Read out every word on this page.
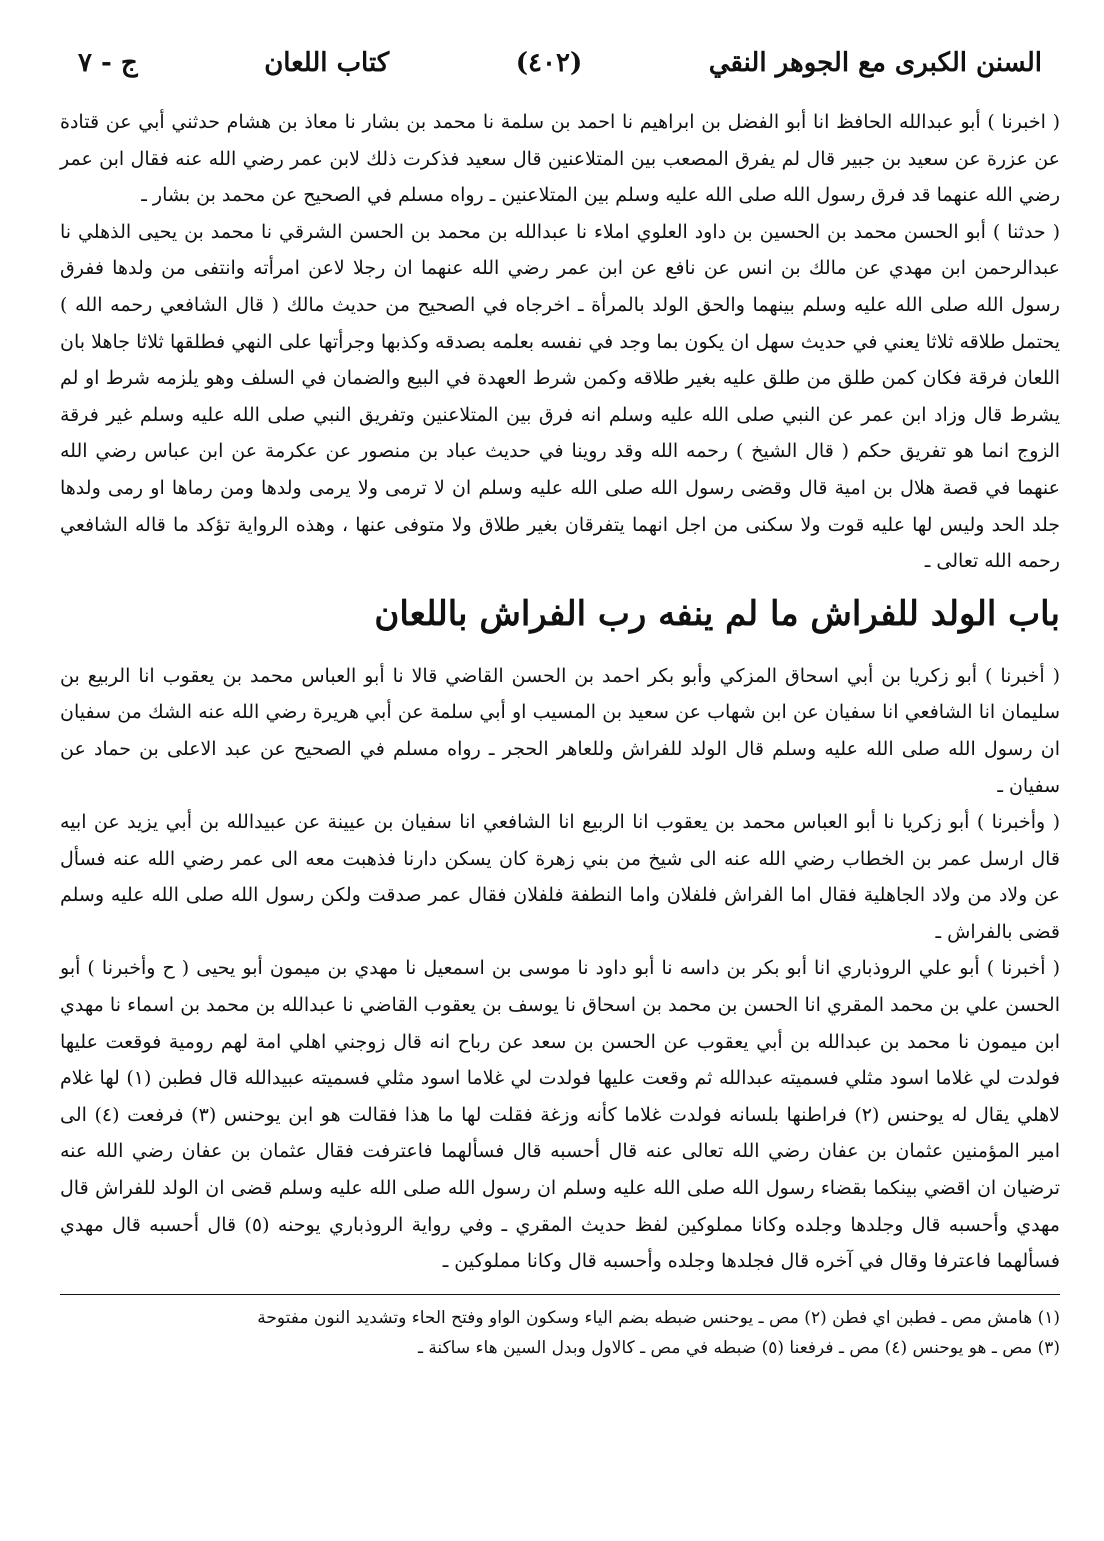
السنن الكبرى مع الجوهر النقي
(٤٠٢)
كتاب اللعان
ج - ٧

( اخبرنا ) أبو عبدالله الحافظ انا أبو الفضل بن ابراهيم نا احمد بن سلمة نا محمد بن بشار نا معاذ بن هشام حدثني أبي عن قتادة عن عزرة عن سعيد بن جبير قال لم يفرق المصعب بين المتلاعنين قال سعيد فذكرت ذلك لابن عمر رضي الله عنه فقال ابن عمر رضي الله عنهما قد فرق رسول الله صلى الله عليه وسلم بين المتلاعنين ـ رواه مسلم في الصحيح عن محمد بن بشار ـ

( حدثنا ) أبو الحسن محمد بن الحسين بن داود العلوي املاء نا عبدالله بن محمد بن الحسن الشرقي نا محمد بن يحيى الذهلي نا عبدالرحمن ابن مهدي عن مالك بن انس عن نافع عن ابن عمر رضي الله عنهما ان رجلا لاعن امرأته وانتفى من ولدها ففرق رسول الله صلى الله عليه وسلم بينهما والحق الولد بالمرأة ـ اخرجاه في الصحيح من حديث مالك ( قال الشافعي رحمه الله ) يحتمل طلاقه ثلاثا يعني في حديث سهل ان يكون بما وجد في نفسه بعلمه بصدقه وكذبها وجرأتها على النهي فطلقها ثلاثا جاهلا بان اللعان فرقة فكان كمن طلق من طلق عليه بغير طلاقه وكمن شرط العهدة في البيع والضمان في السلف وهو يلزمه شرط او لم يشرط قال وزاد ابن عمر عن النبي صلى الله عليه وسلم انه فرق بين المتلاعنين وتفريق النبي صلى الله عليه وسلم غير فرقة الزوج انما هو تفريق حكم ( قال الشيخ ) رحمه الله وقد روينا في حديث عباد بن منصور عن عكرمة عن ابن عباس رضي الله عنهما في قصة هلال بن امية قال وقضى رسول الله صلى الله عليه وسلم ان لا ترمى ولا يرمى ولدها ومن رماها او رمى ولدها جلد الحد وليس لها عليه قوت ولا سكنى من اجل انهما يتفرقان بغير طلاق ولا متوفى عنها ، وهذه الرواية تؤكد ما قاله الشافعي رحمه الله تعالى ـ

باب الولد للفراش ما لم ينفه رب الفراش باللعان

( أخبرنا ) أبو زكريا بن أبي اسحاق المزكي وأبو بكر احمد بن الحسن القاضي قالا نا أبو العباس محمد بن يعقوب انا الربيع بن سليمان انا الشافعي انا سفيان عن ابن شهاب عن سعيد بن المسيب او أبي سلمة عن أبي هريرة رضي الله عنه الشك من سفيان ان رسول الله صلى الله عليه وسلم قال الولد للفراش وللعاهر الحجر ـ رواه مسلم في الصحيح عن عبد الاعلى بن حماد عن سفيان ـ

( وأخبرنا ) أبو زكريا نا أبو العباس محمد بن يعقوب انا الربيع انا الشافعي انا سفيان بن عيينة عن عبيدالله بن أبي يزيد عن ابيه قال ارسل عمر بن الخطاب رضي الله عنه الى شيخ من بني زهرة كان يسكن دارنا فذهبت معه الى عمر رضي الله عنه فسأل عن ولاد من ولاد الجاهلية فقال اما الفراش فلفلان واما النطفة فلفلان فقال عمر صدقت ولكن رسول الله صلى الله عليه وسلم قضى بالفراش ـ

( أخبرنا ) أبو علي الروذباري انا أبو بكر بن داسه نا أبو داود نا موسى بن اسمعيل نا مهدي بن ميمون أبو يحيى ( ح وأخبرنا ) أبو الحسن علي بن محمد المقري انا الحسن بن محمد بن اسحاق نا يوسف بن يعقوب القاضي نا عبدالله بن محمد بن اسماء نا مهدي ابن ميمون نا محمد بن عبدالله بن أبي يعقوب عن الحسن بن سعد عن رباح انه قال زوجني اهلي امة لهم رومية فوقعت عليها فولدت لي غلاما اسود مثلي فسميته عبدالله ثم وقعت عليها فولدت لي غلاما اسود مثلي فسميته عبيدالله قال فطبن (١) لها غلام لاهلي يقال له يوحنس (٢) فراطنها بلسانه فولدت غلاما كأنه وزغة فقلت لها ما هذا فقالت هو ابن يوحنس (٣) فرفعت (٤) الى امير المؤمنين عثمان بن عفان رضي الله تعالى عنه قال أحسبه قال فسألهما فاعترفت فقال عثمان بن عفان رضي الله عنه ترضيان ان اقضي بينكما بقضاء رسول الله صلى الله عليه وسلم ان رسول الله صلى الله عليه وسلم قضى ان الولد للفراش قال مهدي وأحسبه قال وجلدها وجلده وكانا مملوكين لفظ حديث المقري ـ وفي رواية الروذباري يوحنه (٥) قال أحسبه قال مهدي فسألهما فاعترفا وقال في آخره قال فجلدها وجلده وأحسبه قال وكانا مملوكين ـ

(١) هامش مص ـ فطبن اي فطن (٢) مص ـ يوحنس ضبطه بضم الياء وسكون الواو وفتح الحاء وتشديد النون مفتوحة

(٣) مص ـ هو يوحنس (٤) مص ـ فرفعنا (٥) ضبطه في مص ـ كالاول وبدل السين هاء ساكنة ـ
